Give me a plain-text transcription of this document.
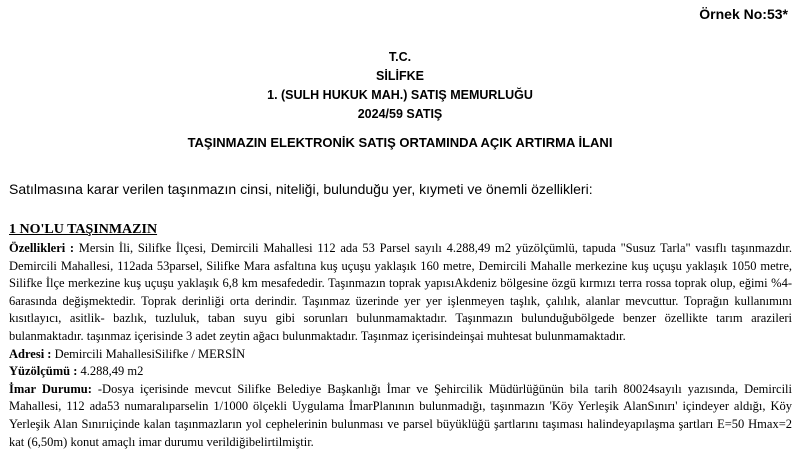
Örnek No:53*
T.C.
SİLİFKE
1. (SULH HUKUK MAH.) SATIŞ MEMURLUĞU
2024/59 SATIŞ
TAŞINMAZIN ELEKTRONİK SATIŞ ORTAMINDA AÇIK ARTIRMA İLANI
Satılmasına karar verilen taşınmazın cinsi, niteliği, bulunduğu yer, kıymeti ve önemli özellikleri:
1 NO'LU TAŞINMAZIN

Özellikleri : Mersin İli, Silifke İlçesi, Demircili Mahallesi 112 ada 53 Parsel sayılı 4.288,49 m2 yüzölçümlü, tapuda "Susuz Tarla" vasıflı taşınmazdır. Demircili Mahallesi, 112ada 53parsel, Silifke Mara asfaltına kuş uçuşu yaklaşık 160 metre, Demircili Mahalle merkezine kuş uçuşu yaklaşık 1050 metre, Silifke İlçe merkezine kuş uçuşu yaklaşık 6,8 km mesafededir. Taşınmazın toprak yapısıAkdeniz bölgesine özgü kırmızı terra rossa toprak olup, eğimi %4-6arasında değişmektedir. Toprak derinliği orta derindir. Taşınmaz üzerinde yer yer işlenmeyen taşlık, çalılık, alanlar mevcuttur. Toprağın kullanımını kısıtlayıcı, asitlik- bazlık, tuzluluk, taban suyu gibi sorunları bulunmamaktadır. Taşınmazın bulunduğubölgede benzer özellikte tarım arazileri bulanmaktadır. taşınmaz içerisinde 3 adet zeytin ağacı bulunmaktadır. Taşınmaz içerisindeinşai muhtesat bulunmamaktadır.

Adresi : Demircili MahallesiSilifke / MERSİN

Yüzölçümü : 4.288,49 m2

İmar Durumu: -Dosya içerisinde mevcut Silifke Belediye Başkanlığı İmar ve Şehircilik Müdürlüğünün bila tarih 80024sayılı yazısında, Demircili Mahallesi, 112 ada53 numaralıparselin 1/1000 ölçekli Uygulama İmarPlanının bulunmadığı, taşınmazın 'Köy Yerleşik AlanSınırı' içindeyer aldığı, Köy Yerleşik Alan Sınırıiçinde kalan taşınmazların yol cephelerinin bulunması ve parsel büyüklüğü şartlarını taşıması halindeyapılaşma şartları E=50 Hmax=2 kat (6,50m) konut amaçlı imar durumu verildiğibelirtilmiştir.
